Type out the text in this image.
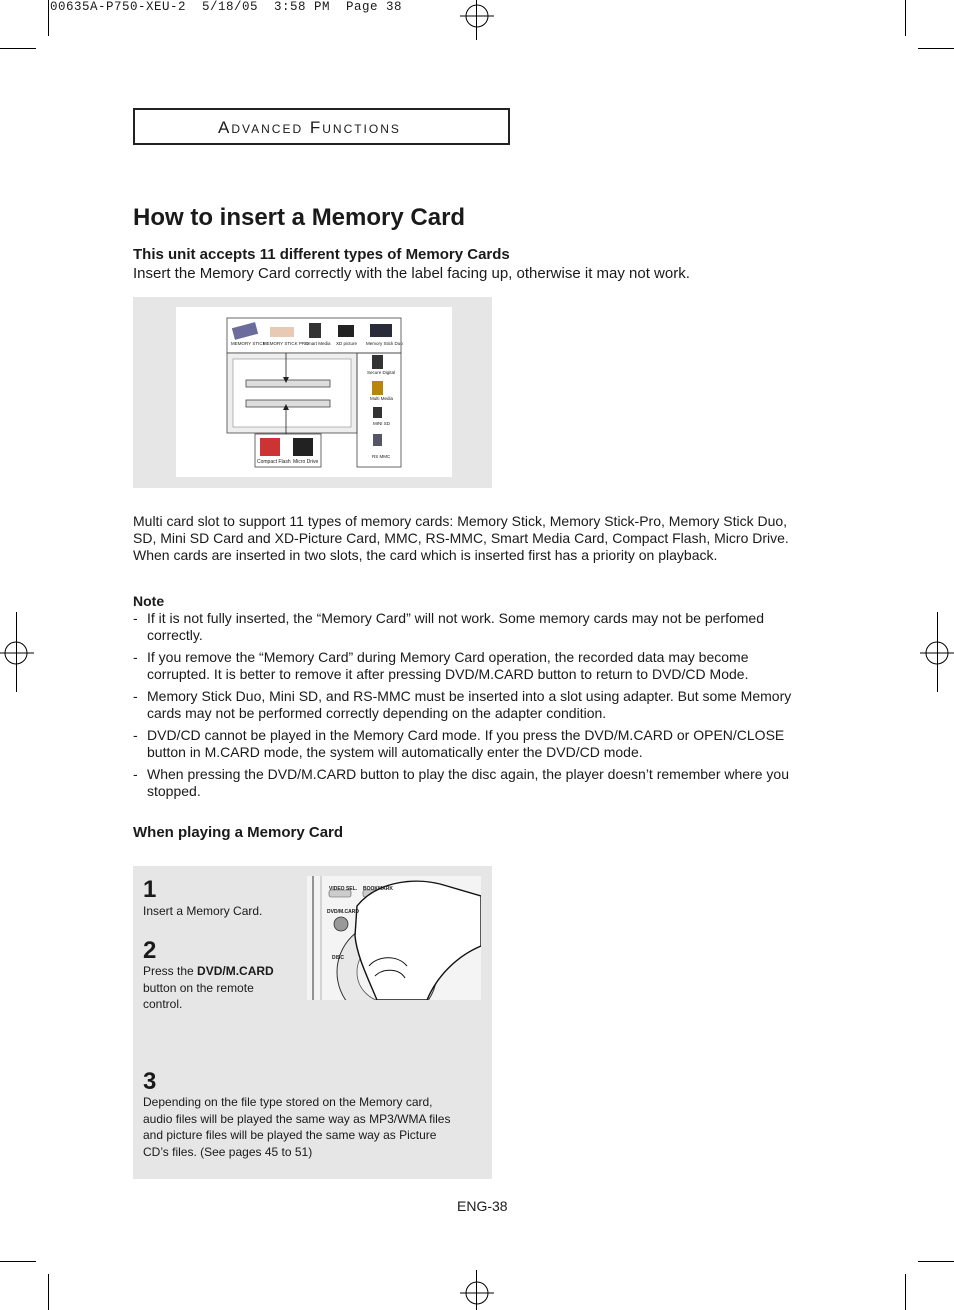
00635A-P750-XEU-2  5/18/05  3:58 PM  Page 38
Advanced Functions
How to insert a Memory Card
This unit accepts 11 different types of Memory Cards
Insert the Memory Card correctly with the label facing up, otherwise it may not work.
MEMORY STICK
MEMORY STICK PRO
Smart Media XD picture Memory Stick Duo
Secure Digital
Multi Media
MINI SD
RS MMC
Compact Flash Micro Drive
Multi card slot to support 11 types of memory cards: Memory Stick, Memory Stick-Pro, Memory Stick Duo, SD, Mini SD Card and XD-Picture Card, MMC, RS-MMC, Smart Media Card, Compact Flash, Micro Drive. When cards are inserted in two slots, the card which is inserted first has a priority on playback.
Note
- If it is not fully inserted, the “Memory Card” will not work. Some memory cards may not be perfomed correctly.
- If you remove the “Memory Card” during Memory Card operation, the recorded data may become corrupted. It is better to remove it after pressing DVD/M.CARD button to return to DVD/CD Mode.
- Memory Stick Duo, Mini SD, and RS-MMC must be inserted into a slot using adapter. But some Memory cards may not be performed correctly depending on the adapter condition.
- DVD/CD cannot be played in the Memory Card mode. If you press the DVD/M.CARD or OPEN/CLOSE button in M.CARD mode, the system will automatically enter the DVD/CD mode.
- When pressing the DVD/M.CARD button to play the disc again, the player doesn’t remember where you stopped.
When playing a Memory Card
1
Insert a Memory Card.
2
Press the DVD/M.CARD button on the remote control.
3
Depending on the file type stored on the Memory card, audio files will be played the same way as MP3/WMA files and picture files will be played the same way as Picture CD’s files. (See pages 45 to 51)
VIDEO SEL. BOOKMARK
DVD/M.CARD
DISC
ENG-38
